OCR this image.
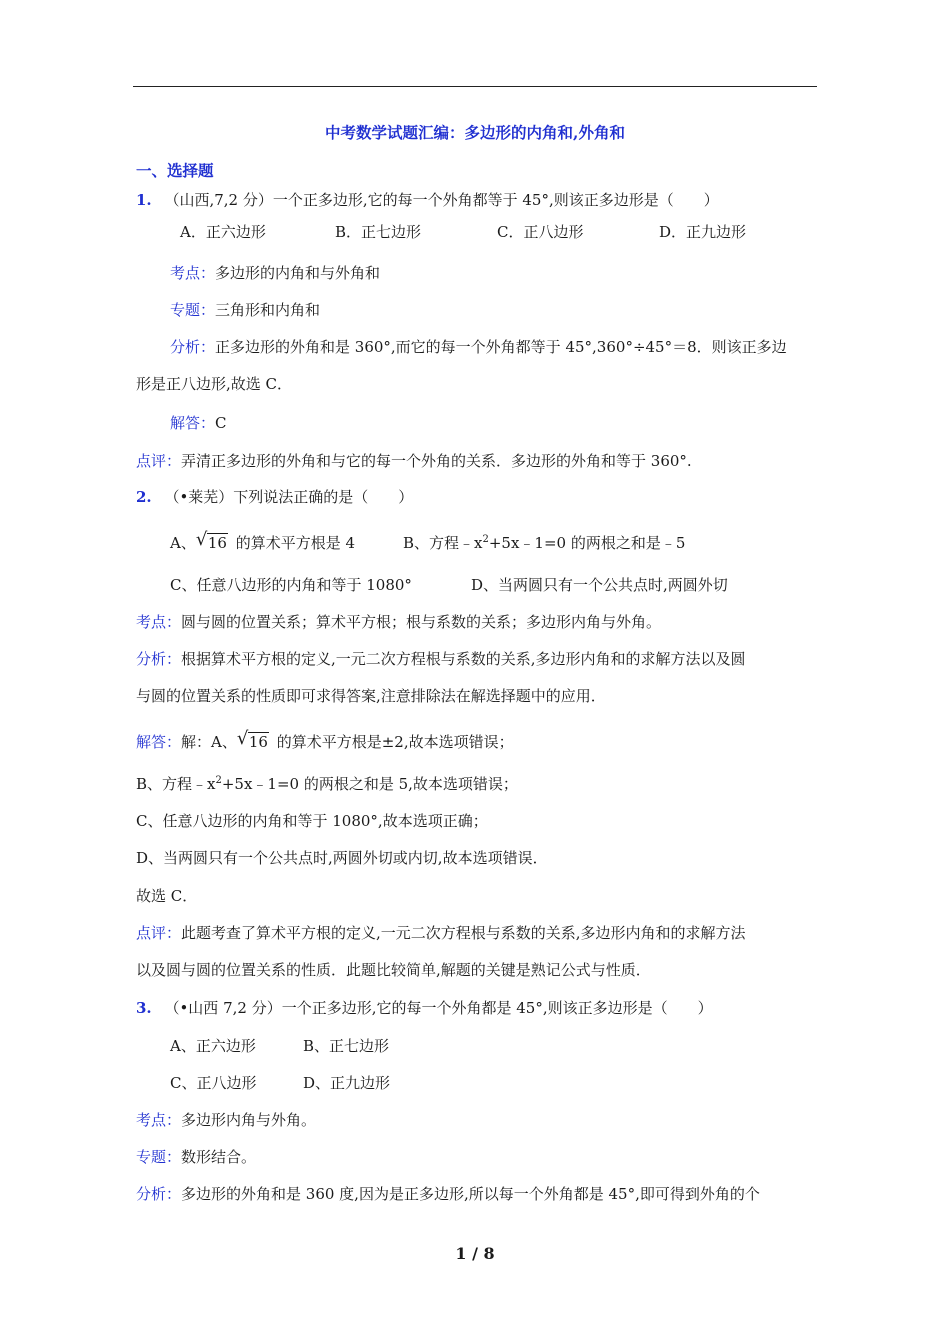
中考数学试题汇编：多边形的内角和,外角和
一、选择题
1. （山西,7,2 分）一个正多边形,它的每一个外角都等于 45°,则该正多边形是（　　）
A．正六边形	B．正七边形	C．正八边形	D．正九边形
考点：多边形的内角和与外角和
专题：三角形和内角和
分析：正多边形的外角和是 360°,而它的每一个外角都等于 45°,360°÷45°＝8．则该正多边
形是正八边形,故选 C．
解答：C
点评：弄清正多边形的外角和与它的每一个外角的关系．多边形的外角和等于 360°.
2. （•莱芜）下列说法正确的是（　　）
A、 √ 16 的算术平方根是 4	B、方程$﹣x^2+5x﹣1=0$ 的两根之和是﹣5
C、任意八边形的内角和等于 1080°	D、当两圆只有一个公共点时,两圆外切
考点：圆与圆的位置关系；算术平方根；根与系数的关系；多边形内角与外角。
分析：根据算术平方根的定义,一元二次方程根与系数的关系,多边形内角和的求解方法以及圆
与圆的位置关系的性质即可求得答案,注意排除法在解选择题中的应用．
解答：解：A、 √ 16 的算术平方根是±2,故本选项错误；
B、方程$﹣x^2+5x﹣1=0$ 的两根之和是 5,故本选项错误；
C、任意八边形的内角和等于 1080°,故本选项正确；
D、当两圆只有一个公共点时,两圆外切或内切,故本选项错误．
故选 C．
点评：此题考查了算术平方根的定义,一元二次方程根与系数的关系,多边形内角和的求解方法
以及圆与圆的位置关系的性质．此题比较简单,解题的关键是熟记公式与性质．
3. （•山西 7,2 分）一个正多边形,它的每一个外角都是 45°,则该正多边形是（　　）
A、正六边形	B、正七边形
C、正八边形	D、正九边形
考点：多边形内角与外角。
专题：数形结合。
分析：多边形的外角和是 360 度,因为是正多边形,所以每一个外角都是 45°,即可得到外角的个
1 / 8
